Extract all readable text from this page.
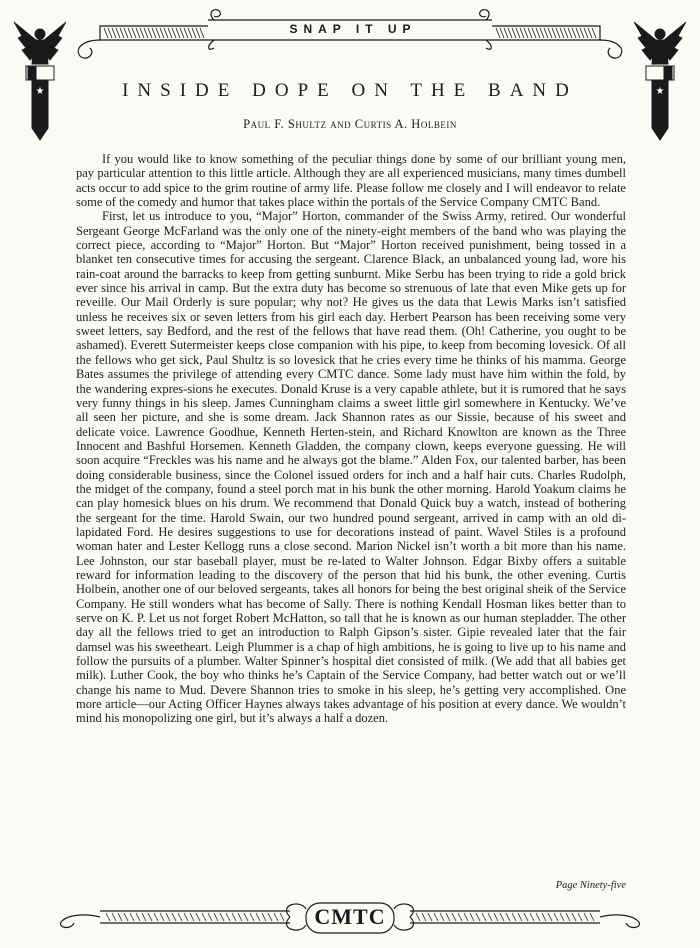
★	★
SNAP IT UP
INSIDE DOPE ON THE BAND
Paul F. Shultz and Curtis A. Holbein

If you would like to know something of the peculiar things done by some of our brilliant young men, pay particular attention to this little article. Although they are all experienced musicians, many times dumbell acts occur to add spice to the grim routine of army life. Please follow me closely and I will endeavor to relate some of the comedy and humor that takes place within the portals of the Service Company CMTC Band.

First, let us introduce to you, “Major” Horton, commander of the Swiss Army, retired. Our wonderful Sergeant George McFarland was the only one of the ninety-eight members of the band who was playing the correct piece, according to “Major” Horton. But “Major” Horton received punishment, being tossed in a blanket ten consecutive times for accusing the sergeant. Clarence Black, an unbalanced young lad, wore his rain-coat around the barracks to keep from getting sunburnt. Mike Serbu has been trying to ride a gold brick ever since his arrival in camp. But the extra duty has become so strenuous of late that even Mike gets up for reveille. Our Mail Orderly is sure popular; why not? He gives us the data that Lewis Marks isn’t satisfied unless he receives six or seven letters from his girl each day. Herbert Pearson has been receiving some very sweet letters, say Bedford, and the rest of the fellows that have read them. (Oh! Catherine, you ought to be ashamed). Everett Sutermeister keeps close companion with his pipe, to keep from becoming lovesick. Of all the fellows who get sick, Paul Shultz is so lovesick that he cries every time he thinks of his mamma. George Bates assumes the privilege of attending every CMTC dance. Some lady must have him within the fold, by the wandering expres-sions he executes. Donald Kruse is a very capable athlete, but it is rumored that he says very funny things in his sleep. James Cunningham claims a sweet little girl somewhere in Kentucky. We’ve all seen her picture, and she is some dream. Jack Shannon rates as our Sissie, because of his sweet and delicate voice. Lawrence Goodhue, Kenneth Herten-stein, and Richard Knowlton are known as the Three Innocent and Bashful Horsemen. Kenneth Gladden, the company clown, keeps everyone guessing. He will soon acquire “Freckles was his name and he always got the blame.” Alden Fox, our talented barber, has been doing considerable business, since the Colonel issued orders for inch and a half hair cuts. Charles Rudolph, the midget of the company, found a steel porch mat in his bunk the other morning. Harold Yoakum claims he can play homesick blues on his drum. We recommend that Donald Quick buy a watch, instead of bothering the sergeant for the time. Harold Swain, our two hundred pound sergeant, arrived in camp with an old di-lapidated Ford. He desires suggestions to use for decorations instead of paint. Wavel Stiles is a profound woman hater and Lester Kellogg runs a close second. Marion Nickel isn’t worth a bit more than his name. Lee Johnston, our star baseball player, must be re-lated to Walter Johnson. Edgar Bixby offers a suitable reward for information leading to the discovery of the person that hid his bunk, the other evening. Curtis Holbein, another one of our beloved sergeants, takes all honors for being the best original sheik of the Service Company. He still wonders what has become of Sally. There is nothing Kendall Hosman likes better than to serve on K. P. Let us not forget Robert McHatton, so tall that he is known as our human stepladder. The other day all the fellows tried to get an introduction to Ralph Gipson’s sister. Gipie revealed later that the fair damsel was his sweetheart. Leigh Plummer is a chap of high ambitions, he is going to live up to his name and follow the pursuits of a plumber. Walter Spinner’s hospital diet consisted of milk. (We add that all babies get milk). Luther Cook, the boy who thinks he’s Captain of the Service Company, had better watch out or we’ll change his name to Mud. Devere Shannon tries to smoke in his sleep, he’s getting very accomplished. One more article—our Acting Officer Haynes always takes advantage of his position at every dance. We wouldn’t mind his monopolizing one girl, but it’s always a half a dozen.

Page Ninety-five
CMTC
